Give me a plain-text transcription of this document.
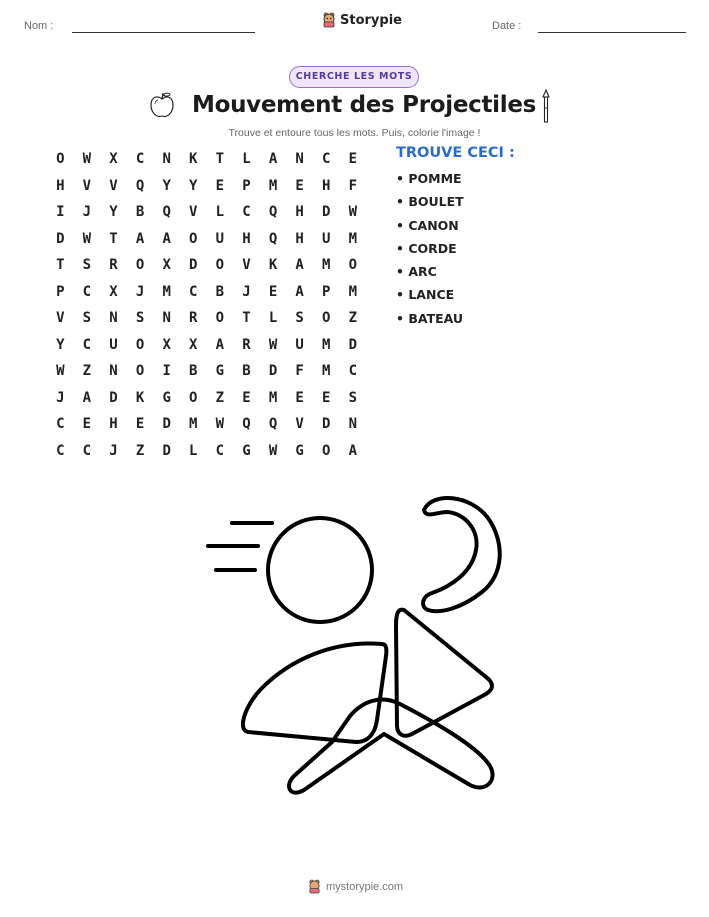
Nom :	Storypie	Date :
CHERCHE LES MOTS
Mouvement des Projectiles
Trouve et entoure tous les mots. Puis, colorie l'image !
O	W	X	C	N	K	T	L	A	N	C	E
H	V	V	Q	Y	Y	E	P	M	E	H	F
I	J	Y	B	Q	V	L	C	Q	H	D	W
D	W	T	A	A	O	U	H	Q	H	U	M
T	S	R	O	X	D	O	V	K	A	M	O
P	C	X	J	M	C	B	J	E	A	P	M
V	S	N	S	N	R	O	T	L	S	O	Z
Y	C	U	O	X	X	A	R	W	U	M	D
W	Z	N	O	I	B	G	B	D	F	M	C
J	A	D	K	G	O	Z	E	M	E	E	S
C	E	H	E	D	M	W	Q	Q	V	D	N
C	C	J	Z	D	L	C	G	W	G	O	A
TROUVE CECI :
• POMME
• BOULET
• CANON
• CORDE
• ARC
• LANCE
• BATEAU
mystorypie.com
